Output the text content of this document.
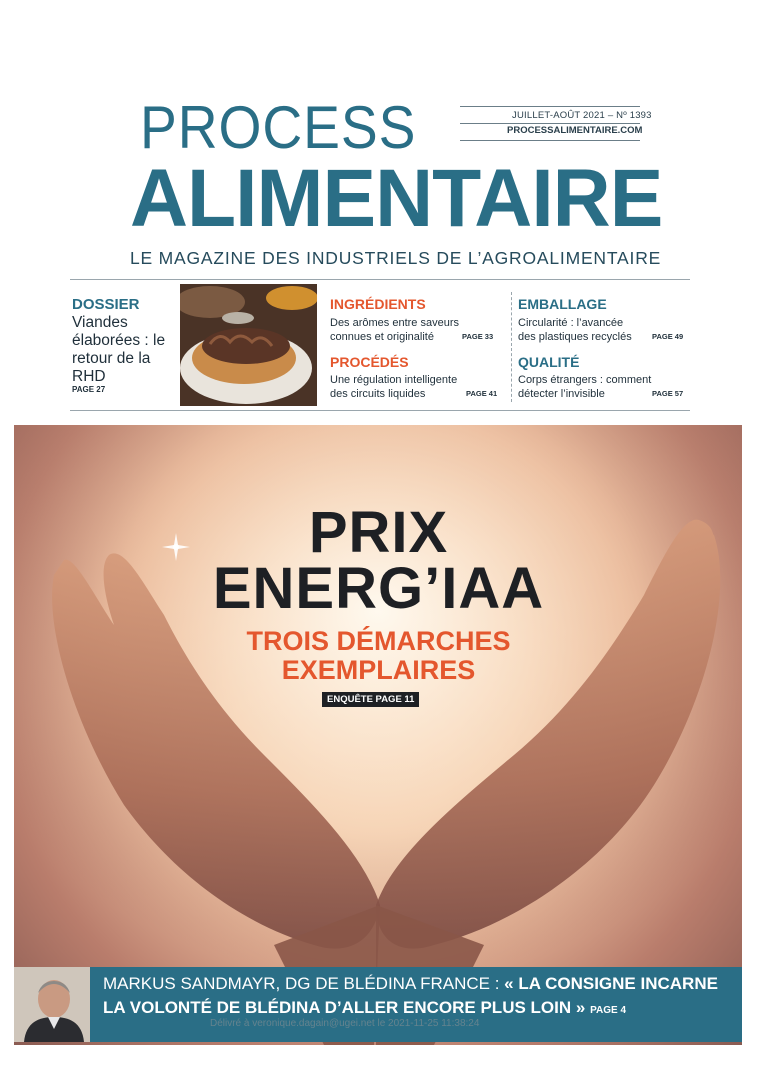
JUILLET-AOÛT 2021 – Nº 1393
PROCESSALIMENTAIRE.COM
PROCESS
ALIMENTAIRE
LE MAGAZINE DES INDUSTRIELS DE L’AGROALIMENTAIRE
DOSSIER
Viandes élaborées : le retour de la RHD
PAGE 27
INGRÉDIENTS
Des arômes entre saveurs
connues et originalité	PAGE 33
PROCÉDÉS
Une régulation intelligente
des circuits liquides	PAGE 41
EMBALLAGE
Circularité : l’avancée
des plastiques recyclés	PAGE 49
QUALITÉ
Corps étrangers : comment
détecter l’invisible	PAGE 57
PRIX
ENERG’IAA
TROIS DÉMARCHES
EXEMPLAIRES
ENQUÊTE PAGE 11
MARKUS SANDMAYR, DG DE BLÉDINA FRANCE : « LA CONSIGNE INCARNE
LA VOLONTÉ DE BLÉDINA D’ALLER ENCORE PLUS LOIN » PAGE 4
Délivré à veronique.dagain@ugei.net le 2021-11-25 11:38:24
